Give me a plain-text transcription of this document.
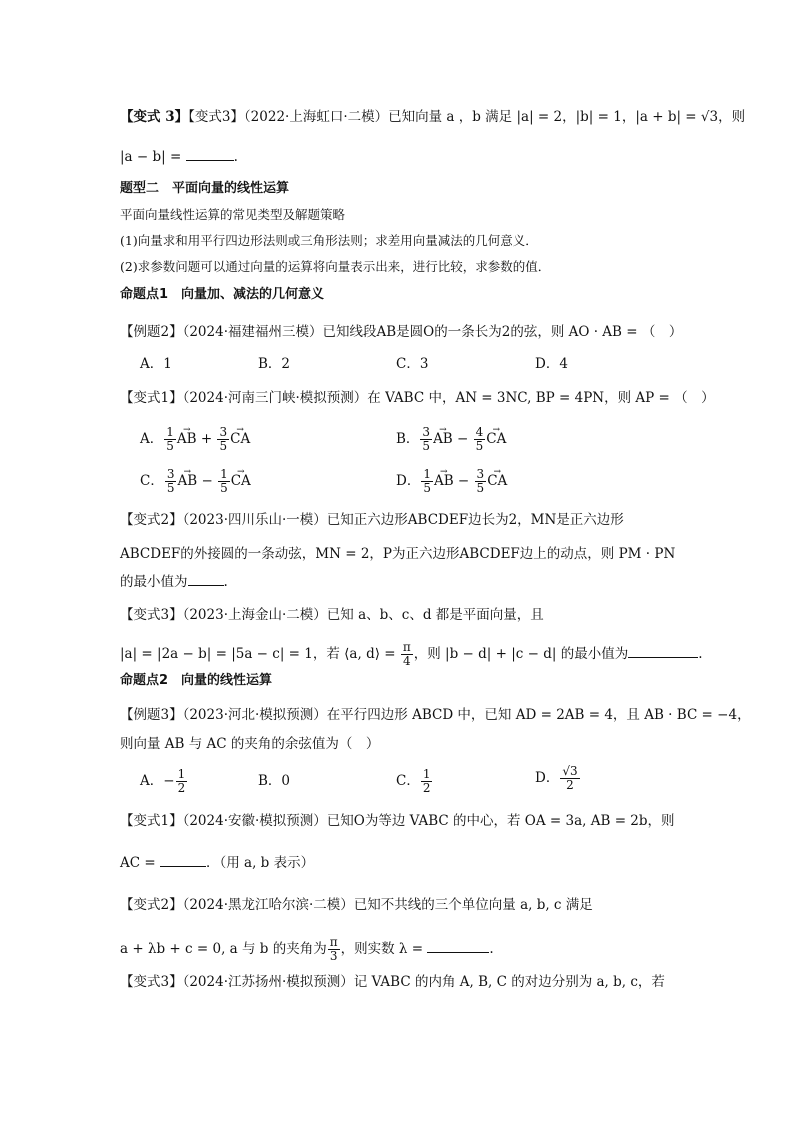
【变式 3】【变式3】（2022·上海虹口·二模）已知向量 a ，b 满足 |a| = 2，|b| = 1，|a + b| = √3，则
|a − b| =	.
题型二　平面向量的线性运算
平面向量线性运算的常见类型及解题策略
(1)向量求和用平行四边形法则或三角形法则；求差用向量减法的几何意义．
(2)求参数问题可以通过向量的运算将向量表示出来，进行比较，求参数的值．
命题点1　向量加、减法的几何意义
【例题2】（2024·福建福州三模）已知线段AB是圆O的一条长为2的弦，则 AO · AB = （　）
A．1	B．2	C．3	D．4
【变式1】（2024·河南三门峡·模拟预测）在 VABC 中，AN = 3NC, BP = 4PN，则 AP = （　）
A． $\frac{1}{5}$ → AB + $\frac{3}{5}$ → CA	B． $\frac{3}{5}$ → AB − $\frac{4}{5}$ → CA
C． $\frac{3}{5}$ → AB − $\frac{1}{5}$ → CA	D． $\frac{1}{5}$ → AB − $\frac{3}{5}$ → CA
【变式2】（2023·四川乐山·一模）已知正六边形ABCDEF边长为2，MN是正六边形
ABCDEF的外接圆的一条动弦，MN = 2，P为正六边形ABCDEF边上的动点，则 PM · PN
的最小值为	.
【变式3】（2023·上海金山·二模）已知 a、b、c、d 都是平面向量，且
|a| = |2a − b| = |5a − c| = 1，若 ⟨a, d⟩ = $\frac{\pi}{4}$ ，则 |b − d| + |c − d| 的最小值为	.
命题点2　向量的线性运算
【例题3】（2023·河北·模拟预测）在平行四边形 ABCD 中，已知 AD = 2AB = 4，且 AB · BC = −4，
则向量 AB 与 AC 的夹角的余弦值为（　）
A．− $\frac{1}{2}$	B．0	C． $\frac{1}{2}$	D． $\frac{√3}{2}$
【变式1】（2024·安徽·模拟预测）已知O为等边 VABC 的中心，若 OA = 3a, AB = 2b，则
AC =	．（用 a, b 表示）
【变式2】（2024·黑龙江哈尔滨·二模）已知不共线的三个单位向量 a, b, c 满足
a + λb + c = 0, a 与 b 的夹角为 $\frac{\pi}{3}$ ，则实数 λ =	.
【变式3】（2024·江苏扬州·模拟预测）记 VABC 的内角 A, B, C 的对边分别为 a, b, c，若
